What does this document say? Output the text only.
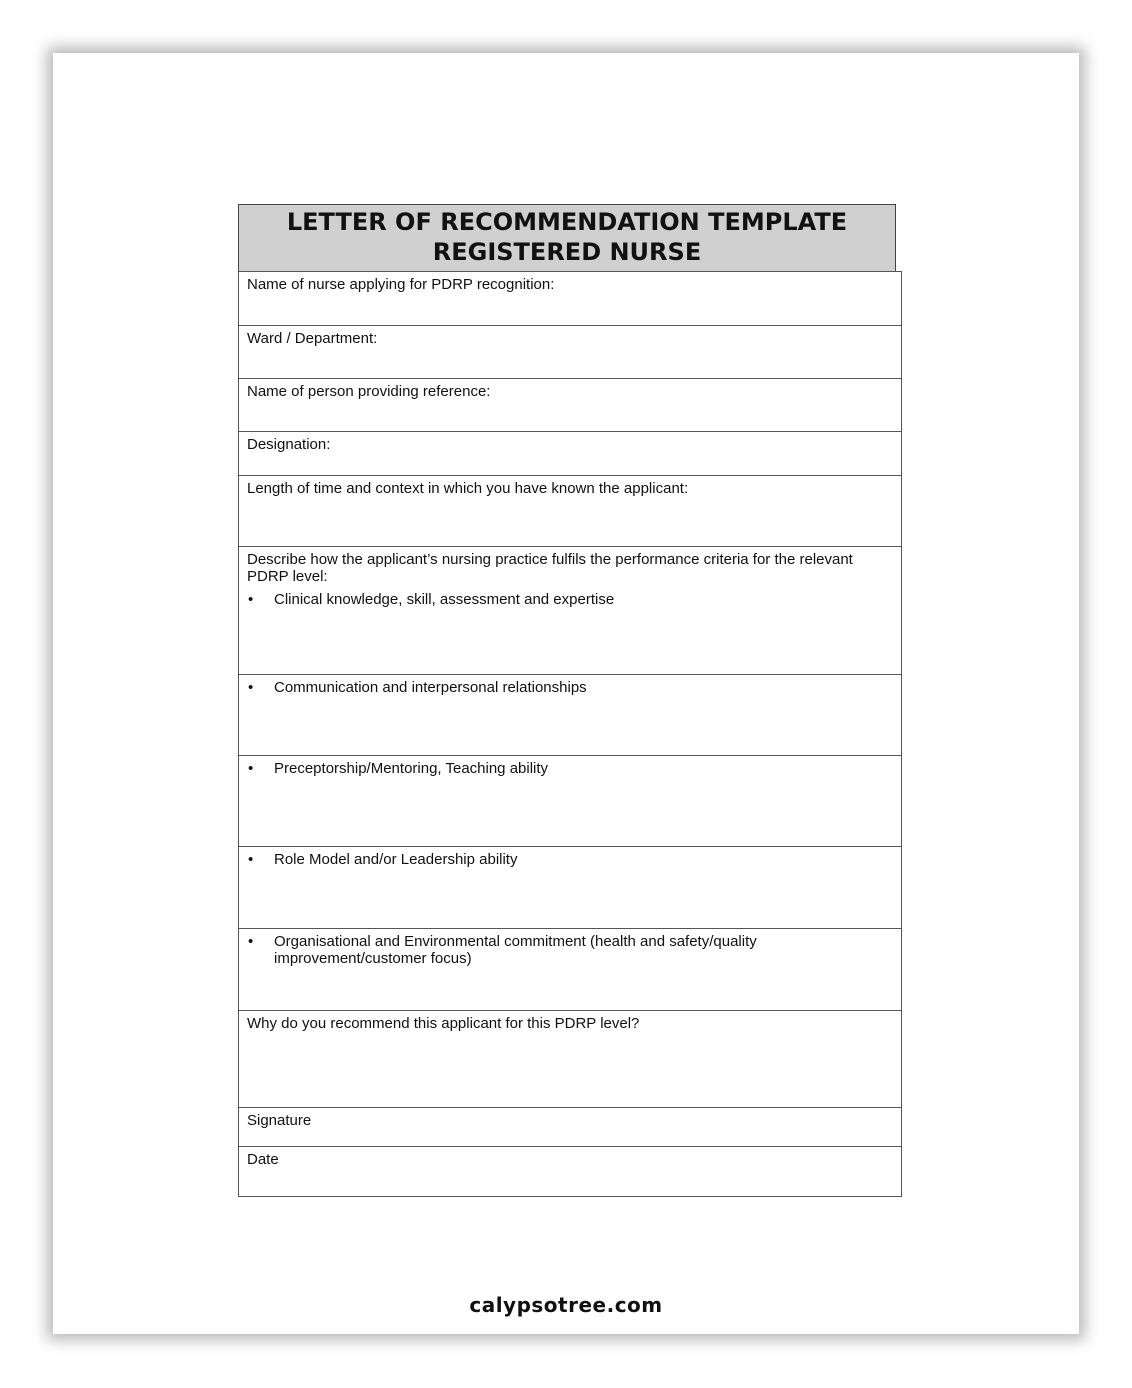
LETTER OF RECOMMENDATION TEMPLATE
REGISTERED NURSE
Name of nurse applying for PDRP recognition:
Ward / Department:
Name of person providing reference:
Designation:
Length of time and context in which you have known the applicant:
Describe how the applicant’s nursing practice fulfils the performance criteria for the relevant PDRP level:
• Clinical knowledge, skill, assessment and expertise
• Communication and interpersonal relationships
• Preceptorship/Mentoring, Teaching ability
• Role Model and/or Leadership ability
• Organisational and Environmental commitment (health and safety/quality improvement/customer focus)
Why do you recommend this applicant for this PDRP level?
Signature
Date
calypsotree.com
